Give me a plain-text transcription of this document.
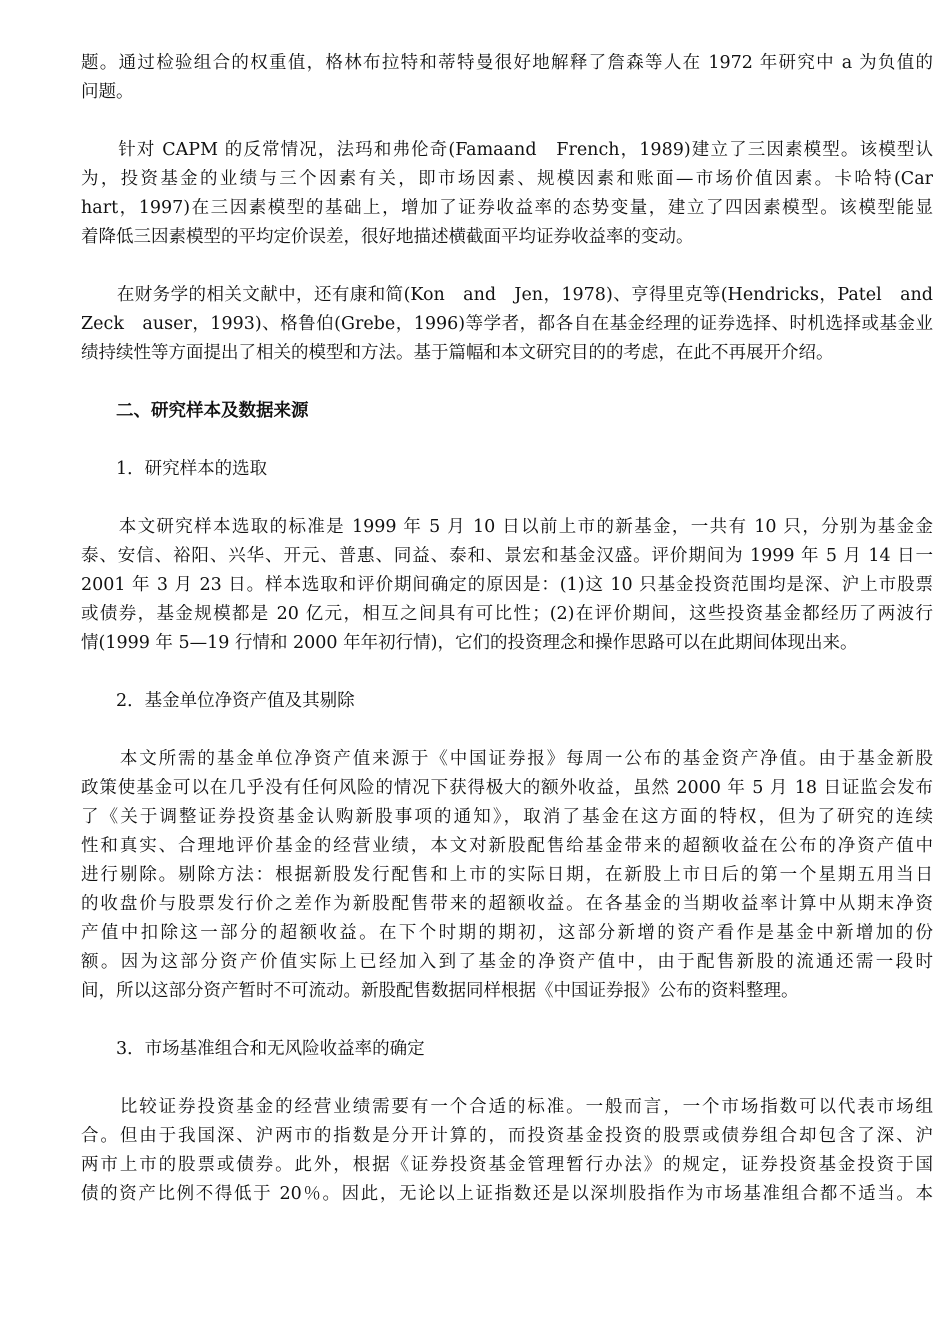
题。通过检验组合的权重值，格林布拉特和蒂特曼很好地解释了詹森等人在 1972 年研究中 a 为负值的
问题。
　　针对 CAPM 的反常情况，法玛和弗伦奇(Famaand　French，1989)建立了三因素模型。该模型认
为，投资基金的业绩与三个因素有关，即市场因素、规模因素和账面—市场价值因素。卡哈特(Car
hart，1997)在三因素模型的基础上，增加了证券收益率的态势变量，建立了四因素模型。该模型能显
着降低三因素模型的平均定价误差，很好地描述横截面平均证券收益率的变动。
　　在财务学的相关文献中，还有康和简(Kon　and　Jen，1978)、亨得里克等(Hendricks，Patel　and
Zeck　auser，1993)、格鲁伯(Grebe，1996)等学者，都各自在基金经理的证券选择、时机选择或基金业
绩持续性等方面提出了相关的模型和方法。基于篇幅和本文研究目的的考虑，在此不再展开介绍。
　　二、研究样本及数据来源
　　1．研究样本的选取
　　本文研究样本选取的标准是 1999 年 5 月 10 日以前上市的新基金，一共有 10 只，分别为基金金
泰、安信、裕阳、兴华、开元、普惠、同益、泰和、景宏和基金汉盛。评价期间为 1999 年 5 月 14 日一
2001 年 3 月 23 日。样本选取和评价期间确定的原因是：(1)这 10 只基金投资范围均是深、沪上市股票
或债券，基金规模都是 20 亿元，相互之间具有可比性；(2)在评价期间，这些投资基金都经历了两波行
情(1999 年 5—19 行情和 2000 年年初行情)，它们的投资理念和操作思路可以在此期间体现出来。
　　2．基金单位净资产值及其剔除
　　本文所需的基金单位净资产值来源于《中国证券报》每周一公布的基金资产净值。由于基金新股
政策使基金可以在几乎没有任何风险的情况下获得极大的额外收益，虽然 2000 年 5 月 18 日证监会发布
了《关于调整证券投资基金认购新股事项的通知》，取消了基金在这方面的特权，但为了研究的连续
性和真实、合理地评价基金的经营业绩，本文对新股配售给基金带来的超额收益在公布的净资产值中
进行剔除。剔除方法：根据新股发行配售和上市的实际日期，在新股上市日后的第一个星期五用当日
的收盘价与股票发行价之差作为新股配售带来的超额收益。在各基金的当期收益率计算中从期末净资
产值中扣除这一部分的超额收益。在下个时期的期初，这部分新增的资产看作是基金中新增加的份
额。因为这部分资产价值实际上已经加入到了基金的净资产值中，由于配售新股的流通还需一段时
间，所以这部分资产暂时不可流动。新股配售数据同样根据《中国证券报》公布的资料整理。
　　3．市场基准组合和无风险收益率的确定
　　比较证券投资基金的经营业绩需要有一个合适的标准。一般而言，一个市场指数可以代表市场组
合。但由于我国深、沪两市的指数是分开计算的，而投资基金投资的股票或债券组合却包含了深、沪
两市上市的股票或债券。此外，根据《证券投资基金管理暂行办法》的规定，证券投资基金投资于国
债的资产比例不得低于 20％。因此，无论以上证指数还是以深圳股指作为市场基准组合都不适当。本
